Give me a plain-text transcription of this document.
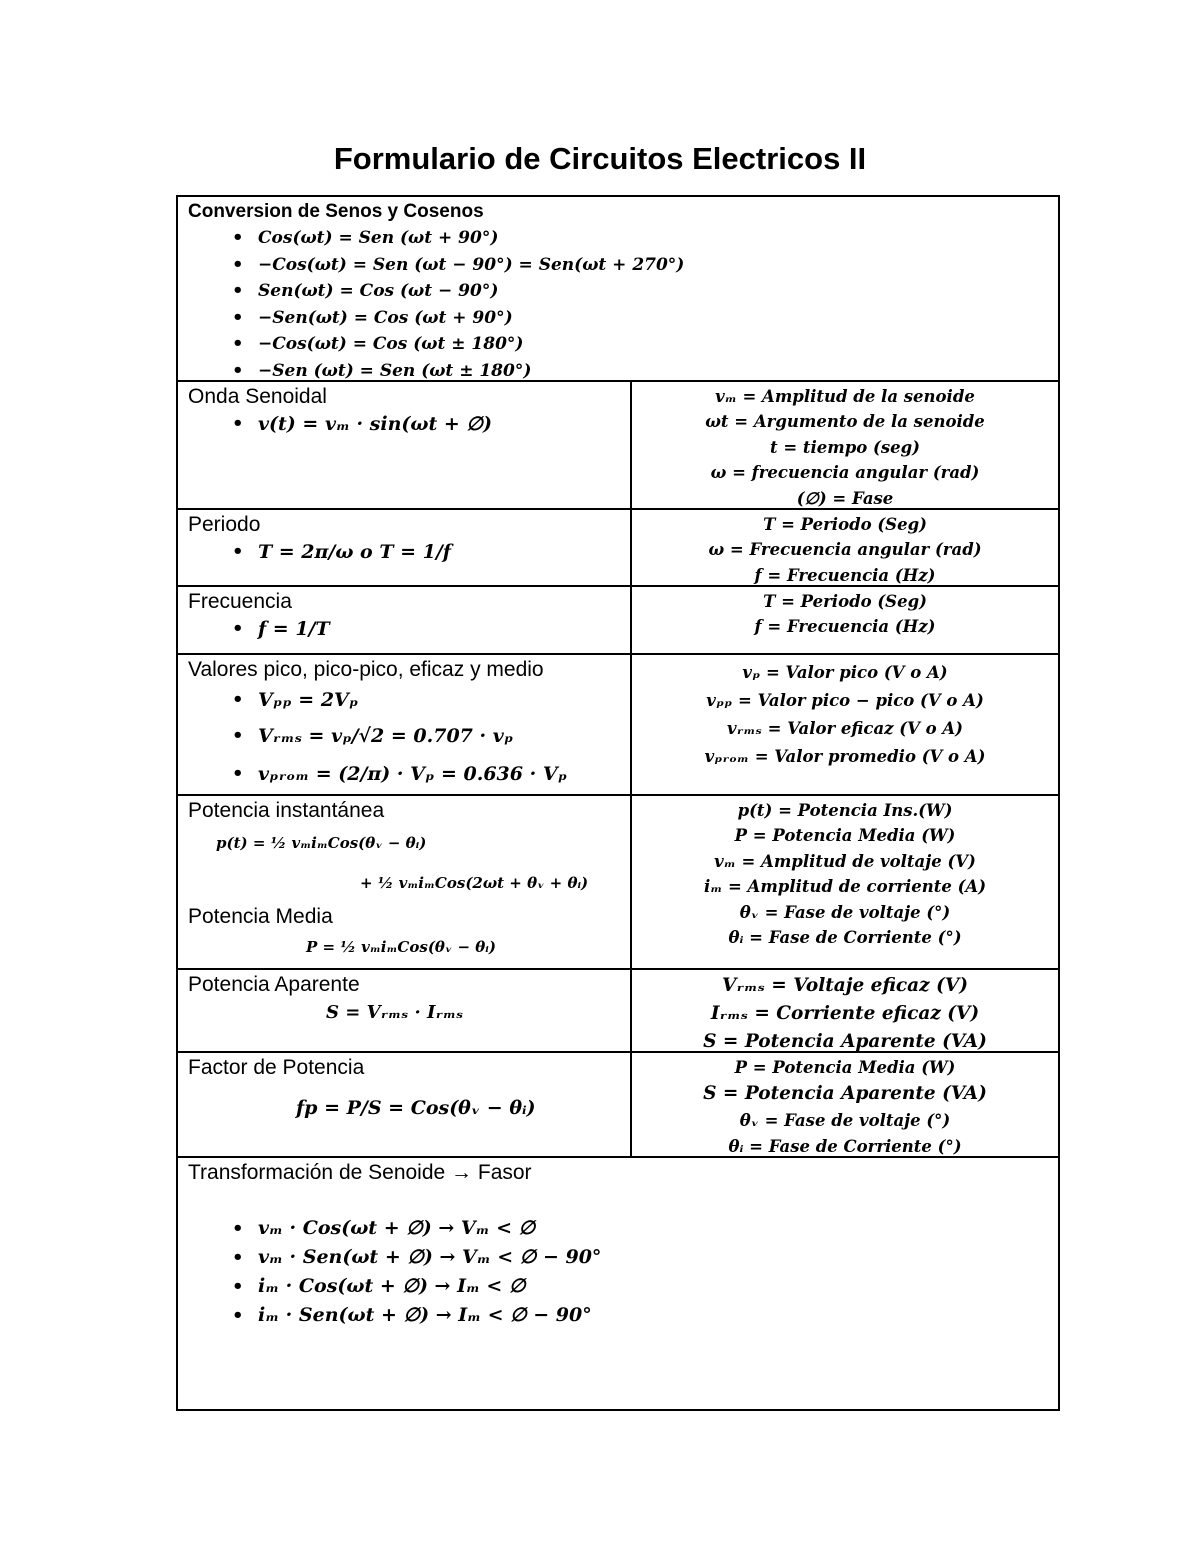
Formulario de Circuitos Electricos II
Conversion de Senos y Cosenos
• Cos(ωt) = Sen (ωt + 90°)
• −Cos(ωt) = Sen (ωt − 90°) = Sen(ωt + 270°)
• Sen(ωt) = Cos (ωt − 90°)
• −Sen(ωt) = Cos (ωt + 90°)
• −Cos(ωt) = Cos (ωt ± 180°)
• −Sen (ωt) = Sen (ωt ± 180°)
Onda Senoidal
• v(t) = vₘ · sin(ωt + ∅)
vₘ = Amplitud de la senoide
ωt = Argumento de la senoide
t = tiempo (seg)
ω = frecuencia angular (rad)
(∅) = Fase
Periodo
• T = 2π/ω o T = 1/f
T = Periodo (Seg)
ω = Frecuencia angular (rad)
f = Frecuencia (Hz)
Frecuencia
• f = 1/T
T = Periodo (Seg)
f = Frecuencia (Hz)
Valores pico, pico-pico, eficaz y medio
• Vₚₚ = 2Vₚ
• Vᵣₘₛ = vₚ/√2 = 0.707 · vₚ
• vₚᵣₒₘ = (2/π) · Vₚ = 0.636 · Vₚ
vₚ = Valor pico (V o A)
vₚₚ = Valor pico − pico (V o A)
vᵣₘₛ = Valor eficaz (V o A)
vₚᵣₒₘ = Valor promedio (V o A)
Potencia instantánea
p(t) = ½ vₘiₘCos(θᵥ − θᵢ)
+ ½ vₘiₘCos(2ωt + θᵥ + θᵢ)
Potencia Media
P = ½ vₘiₘCos(θᵥ − θᵢ)
p(t) = Potencia Ins.(W)
P = Potencia Media (W)
vₘ = Amplitud de voltaje (V)
iₘ = Amplitud de corriente (A)
θᵥ = Fase de voltaje (°)
θᵢ = Fase de Corriente (°)
Potencia Aparente
S = Vᵣₘₛ · Iᵣₘₛ
Vᵣₘₛ = Voltaje eficaz (V)
Iᵣₘₛ = Corriente eficaz (V)
S = Potencia Aparente (VA)
Factor de Potencia
fp = P/S = Cos(θᵥ − θᵢ)
P = Potencia Media (W)
S = Potencia Aparente (VA)
θᵥ = Fase de voltaje (°)
θᵢ = Fase de Corriente (°)
Transformación de Senoide → Fasor
• vₘ · Cos(ωt + ∅) → Vₘ < ∅
• vₘ · Sen(ωt + ∅) → Vₘ < ∅ − 90°
• iₘ · Cos(ωt + ∅) → Iₘ < ∅
• iₘ · Sen(ωt + ∅) → Iₘ < ∅ − 90°
